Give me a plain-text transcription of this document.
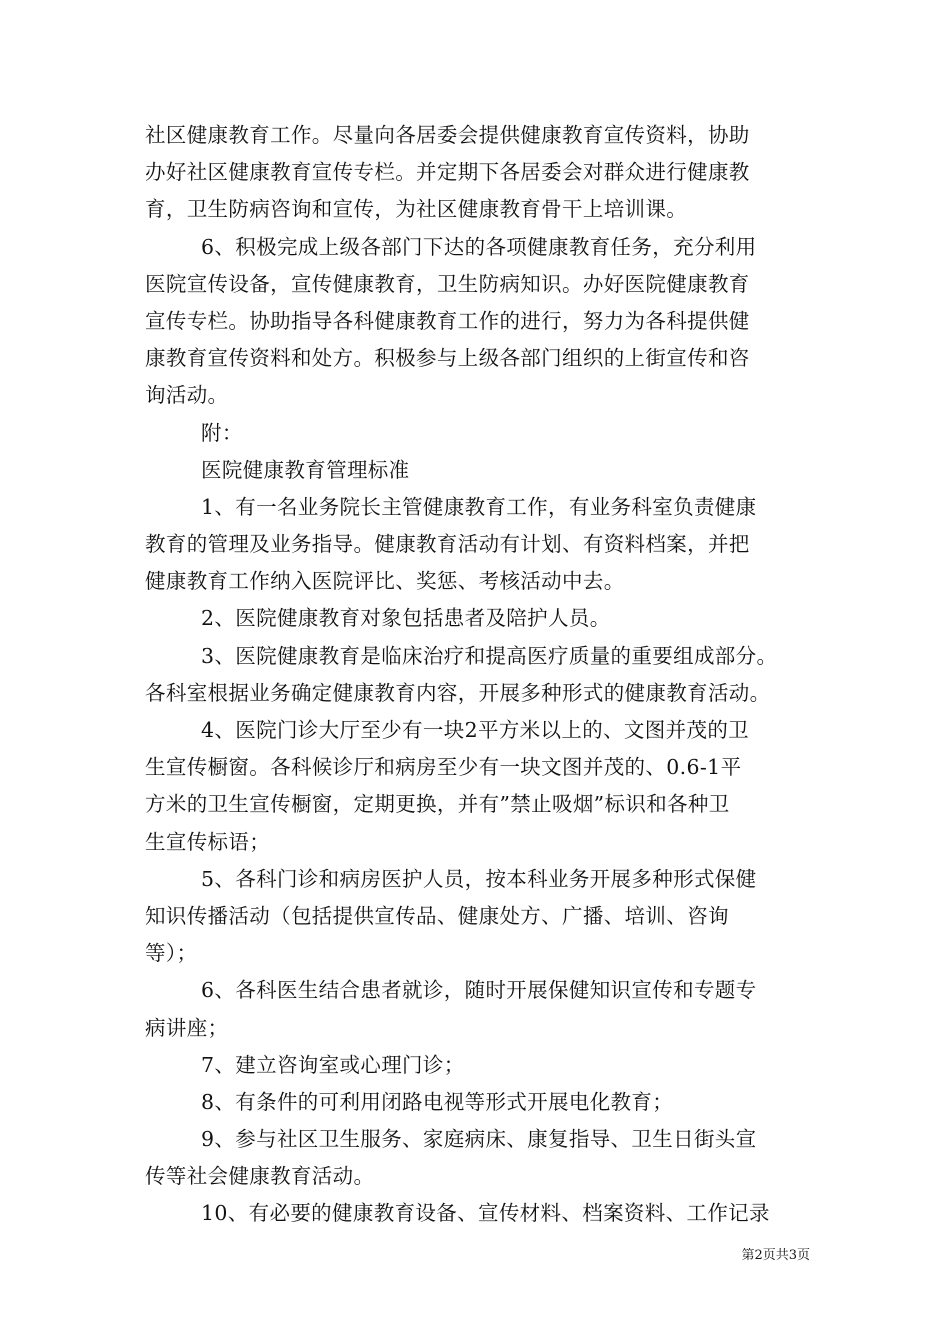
社区健康教育工作。尽量向各居委会提供健康教育宣传资料，协助
办好社区健康教育宣传专栏。并定期下各居委会对群众进行健康教
育，卫生防病咨询和宣传，为社区健康教育骨干上培训课。
6、积极完成上级各部门下达的各项健康教育任务，充分利用
医院宣传设备，宣传健康教育，卫生防病知识。办好医院健康教育
宣传专栏。协助指导各科健康教育工作的进行，努力为各科提供健
康教育宣传资料和处方。积极参与上级各部门组织的上街宣传和咨
询活动。
附：
医院健康教育管理标准
1、有一名业务院长主管健康教育工作，有业务科室负责健康
教育的管理及业务指导。健康教育活动有计划、有资料档案，并把
健康教育工作纳入医院评比、奖惩、考核活动中去。
2、医院健康教育对象包括患者及陪护人员。
3、医院健康教育是临床治疗和提高医疗质量的重要组成部分。
各科室根据业务确定健康教育内容，开展多种形式的健康教育活动。
4、医院门诊大厅至少有一块2平方米以上的、文图并茂的卫
生宣传橱窗。各科候诊厅和病房至少有一块文图并茂的、0.6-1平
方米的卫生宣传橱窗，定期更换，并有”禁止吸烟”标识和各种卫
生宣传标语；
5、各科门诊和病房医护人员，按本科业务开展多种形式保健
知识传播活动（包括提供宣传品、健康处方、广播、培训、咨询
等）；
6、各科医生结合患者就诊，随时开展保健知识宣传和专题专
病讲座；
7、建立咨询室或心理门诊；
8、有条件的可利用闭路电视等形式开展电化教育；
9、参与社区卫生服务、家庭病床、康复指导、卫生日街头宣
传等社会健康教育活动。
10、有必要的健康教育设备、宣传材料、档案资料、工作记录
第2页共3页
